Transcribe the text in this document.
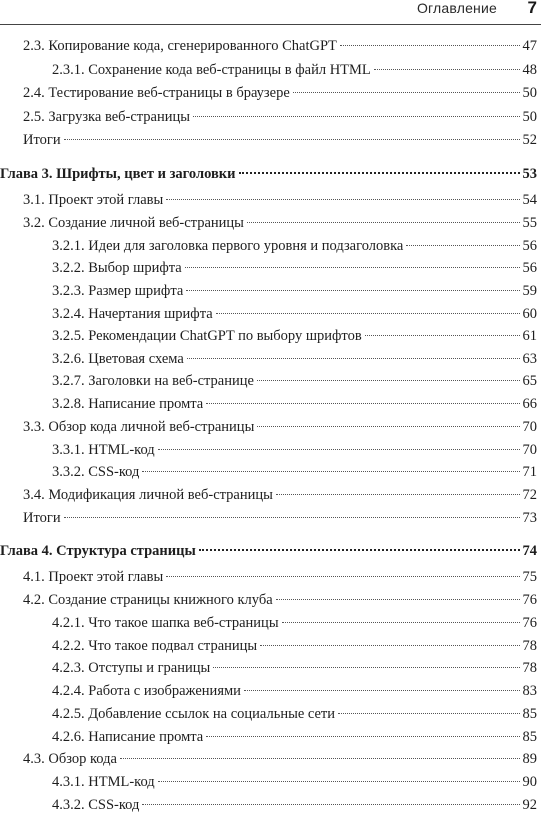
Оглавление 7
2.3. Копирование кода, сгенерированного ChatGPT	47
2.3.1. Сохранение кода веб-страницы в файл HTML	48
2.4. Тестирование веб-страницы в браузере	50
2.5. Загрузка веб-страницы	50
Итоги	52
Глава 3. Шрифты, цвет и заголовки	53
3.1. Проект этой главы	54
3.2. Создание личной веб-страницы	55
3.2.1. Идеи для заголовка первого уровня и подзаголовка	56
3.2.2. Выбор шрифта	56
3.2.3. Размер шрифта	59
3.2.4. Начертания шрифта	60
3.2.5. Рекомендации ChatGPT по выбору шрифтов	61
3.2.6. Цветовая схема	63
3.2.7. Заголовки на веб-странице	65
3.2.8. Написание промта	66
3.3. Обзор кода личной веб-страницы	70
3.3.1. HTML-код	70
3.3.2. CSS-код	71
3.4. Модификация личной веб-страницы	72
Итоги	73
Глава 4. Структура страницы	74
4.1. Проект этой главы	75
4.2. Создание страницы книжного клуба	76
4.2.1. Что такое шапка веб-страницы	76
4.2.2. Что такое подвал страницы	78
4.2.3. Отступы и границы	78
4.2.4. Работа с изображениями	83
4.2.5. Добавление ссылок на социальные сети	85
4.2.6. Написание промта	85
4.3. Обзор кода	89
4.3.1. HTML-код	90
4.3.2. CSS-код	92
